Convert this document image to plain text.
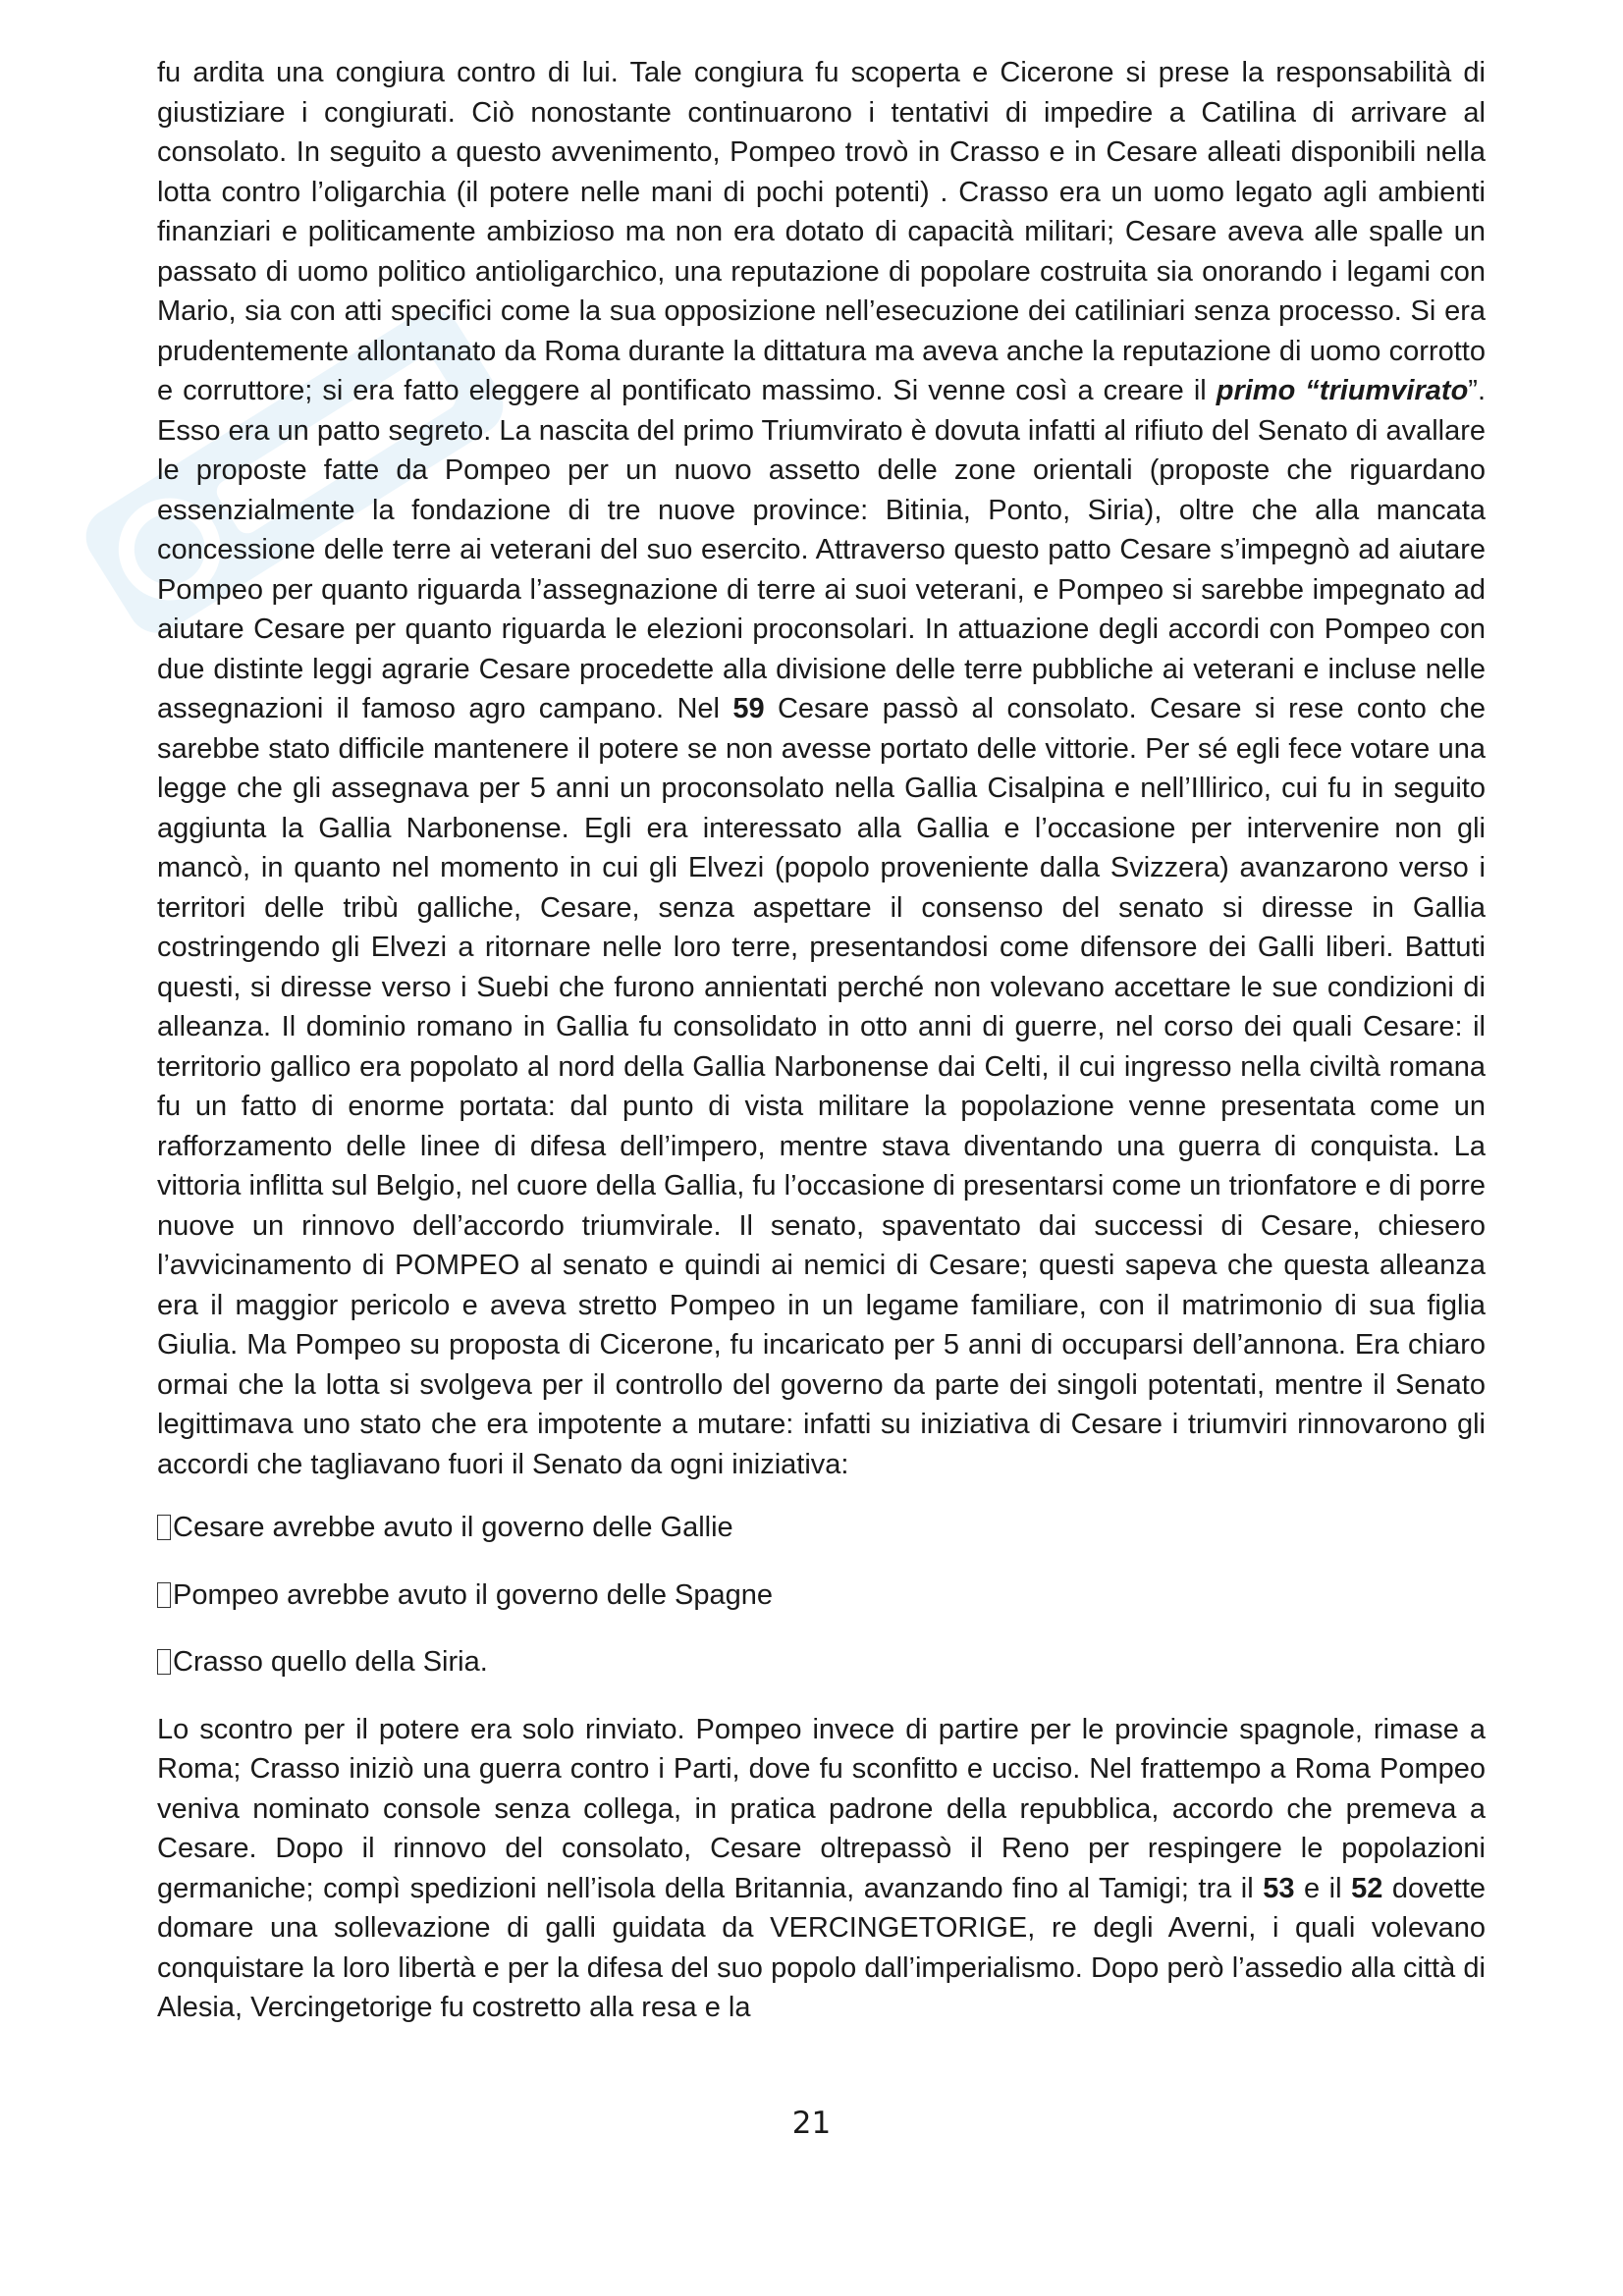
fu ardita una congiura contro di lui. Tale congiura fu scoperta e Cicerone si prese la responsabilità di giustiziare i congiurati. Ciò nonostante continuarono i tentativi di impedire a Catilina di arrivare al consolato. In seguito a questo avvenimento, Pompeo trovò in Crasso e in Cesare alleati disponibili nella lotta contro l’oligarchia (il potere nelle mani di pochi potenti) . Crasso era un uomo legato agli ambienti finanziari e politicamente ambizioso ma non era dotato di capacità militari; Cesare aveva alle spalle un passato di uomo politico antioligarchico, una reputazione di popolare costruita sia onorando i legami con Mario, sia con atti specifici come la sua opposizione nell’esecuzione dei catiliniari senza processo. Si era prudentemente allontanato da Roma durante la dittatura ma aveva anche la reputazione di uomo corrotto e corruttore; si era fatto eleggere al pontificato massimo. Si venne così a creare il primo “triumvirato”. Esso era un patto segreto. La nascita del primo Triumvirato è dovuta infatti al rifiuto del Senato di avallare le proposte fatte da Pompeo per un nuovo assetto delle zone orientali (proposte che riguardano essenzialmente la fondazione di tre nuove province: Bitinia, Ponto, Siria), oltre che alla mancata concessione delle terre ai veterani del suo esercito. Attraverso questo patto Cesare s’impegnò ad aiutare Pompeo per quanto riguarda l’assegnazione di terre ai suoi veterani, e Pompeo si sarebbe impegnato ad aiutare Cesare per quanto riguarda le elezioni proconsolari. In attuazione degli accordi con Pompeo con due distinte leggi agrarie Cesare procedette alla divisione delle terre pubbliche ai veterani e incluse nelle assegnazioni il famoso agro campano. Nel 59 Cesare passò al consolato. Cesare si rese conto che sarebbe stato difficile mantenere il potere se non avesse portato delle vittorie. Per sé egli fece votare una legge che gli assegnava per 5 anni un proconsolato nella Gallia Cisalpina e nell’Illirico, cui fu in seguito aggiunta la Gallia Narbonense. Egli era interessato alla Gallia e l’occasione per intervenire non gli mancò, in quanto nel momento in cui gli Elvezi (popolo proveniente dalla Svizzera) avanzarono verso i territori delle tribù galliche, Cesare, senza aspettare il consenso del senato si diresse in Gallia costringendo gli Elvezi a ritornare nelle loro terre, presentandosi come difensore dei Galli liberi. Battuti questi, si diresse verso i Suebi che furono annientati perché non volevano accettare le sue condizioni di alleanza. Il dominio romano in Gallia fu consolidato in otto anni di guerre, nel corso dei quali Cesare: il territorio gallico era popolato al nord della Gallia Narbonense dai Celti, il cui ingresso nella civiltà romana fu un fatto di enorme portata: dal punto di vista militare la popolazione venne presentata come un rafforzamento delle linee di difesa dell’impero, mentre stava diventando una guerra di conquista. La vittoria inflitta sul Belgio, nel cuore della Gallia, fu l’occasione di presentarsi come un trionfatore e di porre nuove un rinnovo dell’accordo triumvirale. Il senato, spaventato dai successi di Cesare, chiesero l’avvicinamento di POMPEO al senato e quindi ai nemici di Cesare; questi sapeva che questa alleanza era il maggior pericolo e aveva stretto Pompeo in un legame familiare, con il matrimonio di sua figlia Giulia. Ma Pompeo su proposta di Cicerone, fu incaricato per 5 anni di occuparsi dell’annona. Era chiaro ormai che la lotta si svolgeva per il controllo del governo da parte dei singoli potentati, mentre il Senato legittimava uno stato che era impotente a mutare: infatti su iniziativa di Cesare i triumviri rinnovarono gli accordi che tagliavano fuori il Senato da ogni iniziativa:

Cesare avrebbe avuto il governo delle Gallie

Pompeo avrebbe avuto il governo delle Spagne

Crasso quello della Siria.

Lo scontro per il potere era solo rinviato. Pompeo invece di partire per le provincie spagnole, rimase a Roma; Crasso iniziò una guerra contro i Parti, dove fu sconfitto e ucciso. Nel frattempo a Roma Pompeo veniva nominato console senza collega, in pratica padrone della repubblica, accordo che premeva a Cesare. Dopo il rinnovo del consolato, Cesare oltrepassò il Reno per respingere le popolazioni germaniche; compì spedizioni nell’isola della Britannia, avanzando fino al Tamigi; tra il 53 e il 52 dovette domare una sollevazione di galli guidata da VERCINGETORIGE, re degli Averni, i quali volevano conquistare la loro libertà e per la difesa del suo popolo dall’imperialismo. Dopo però l’assedio alla città di Alesia, Vercingetorige fu costretto alla resa e la

21
